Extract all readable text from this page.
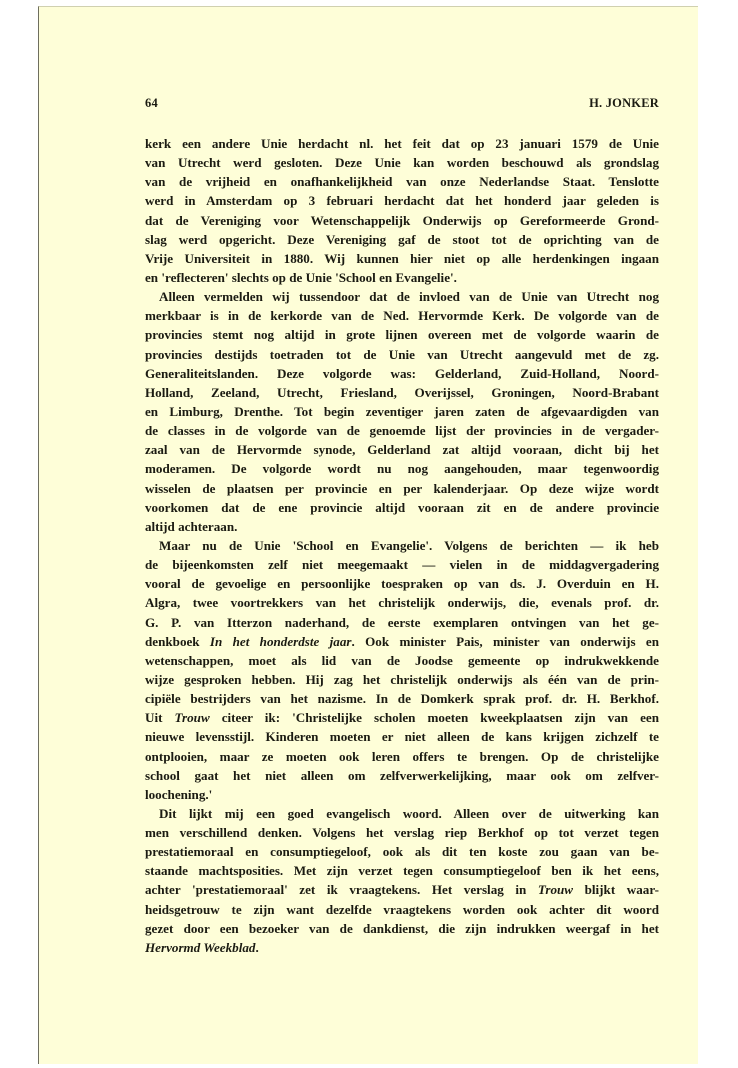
64	H. JONKER
kerk een andere Unie herdacht nl. het feit dat op 23 januari 1579 de Unie
van Utrecht werd gesloten. Deze Unie kan worden beschouwd als grondslag
van de vrijheid en onafhankelijkheid van onze Nederlandse Staat. Tenslotte
werd in Amsterdam op 3 februari herdacht dat het honderd jaar geleden is
dat de Vereniging voor Wetenschappelijk Onderwijs op Gereformeerde Grond-
slag werd opgericht. Deze Vereniging gaf de stoot tot de oprichting van de
Vrije Universiteit in 1880. Wij kunnen hier niet op alle herdenkingen ingaan
en 'reflecteren' slechts op de Unie 'School en Evangelie'.
Alleen vermelden wij tussendoor dat de invloed van de Unie van Utrecht nog
merkbaar is in de kerkorde van de Ned. Hervormde Kerk. De volgorde van de
provincies stemt nog altijd in grote lijnen overeen met de volgorde waarin de
provincies destijds toetraden tot de Unie van Utrecht aangevuld met de zg.
Generaliteitslanden. Deze volgorde was: Gelderland, Zuid-Holland, Noord-
Holland, Zeeland, Utrecht, Friesland, Overijssel, Groningen, Noord-Brabant
en Limburg, Drenthe. Tot begin zeventiger jaren zaten de afgevaardigden van
de classes in de volgorde van de genoemde lijst der provincies in de vergader-
zaal van de Hervormde synode, Gelderland zat altijd vooraan, dicht bij het
moderamen. De volgorde wordt nu nog aangehouden, maar tegenwoordig
wisselen de plaatsen per provincie en per kalenderjaar. Op deze wijze wordt
voorkomen dat de ene provincie altijd vooraan zit en de andere provincie
altijd achteraan.
Maar nu de Unie 'School en Evangelie'. Volgens de berichten — ik heb
de bijeenkomsten zelf niet meegemaakt — vielen in de middagvergadering
vooral de gevoelige en persoonlijke toespraken op van ds. J. Overduin en H.
Algra, twee voortrekkers van het christelijk onderwijs, die, evenals prof. dr.
G. P. van Itterzon naderhand, de eerste exemplaren ontvingen van het ge-
denkboek In het honderdste jaar. Ook minister Pais, minister van onderwijs en
wetenschappen, moet als lid van de Joodse gemeente op indrukwekkende
wijze gesproken hebben. Hij zag het christelijk onderwijs als één van de prin-
cipiële bestrijders van het nazisme. In de Domkerk sprak prof. dr. H. Berkhof.
Uit Trouw citeer ik: 'Christelijke scholen moeten kweekplaatsen zijn van een
nieuwe levensstijl. Kinderen moeten er niet alleen de kans krijgen zichzelf te
ontplooien, maar ze moeten ook leren offers te brengen. Op de christelijke
school gaat het niet alleen om zelfverwerkelijking, maar ook om zelfver-
loochening.'
Dit lijkt mij een goed evangelisch woord. Alleen over de uitwerking kan
men verschillend denken. Volgens het verslag riep Berkhof op tot verzet tegen
prestatiemoraal en consumptiegeloof, ook als dit ten koste zou gaan van be-
staande machtsposities. Met zijn verzet tegen consumptiegeloof ben ik het eens,
achter 'prestatiemoraal' zet ik vraagtekens. Het verslag in Trouw blijkt waar-
heidsgetrouw te zijn want dezelfde vraagtekens worden ook achter dit woord
gezet door een bezoeker van de dankdienst, die zijn indrukken weergaf in het
Hervormd Weekblad.
